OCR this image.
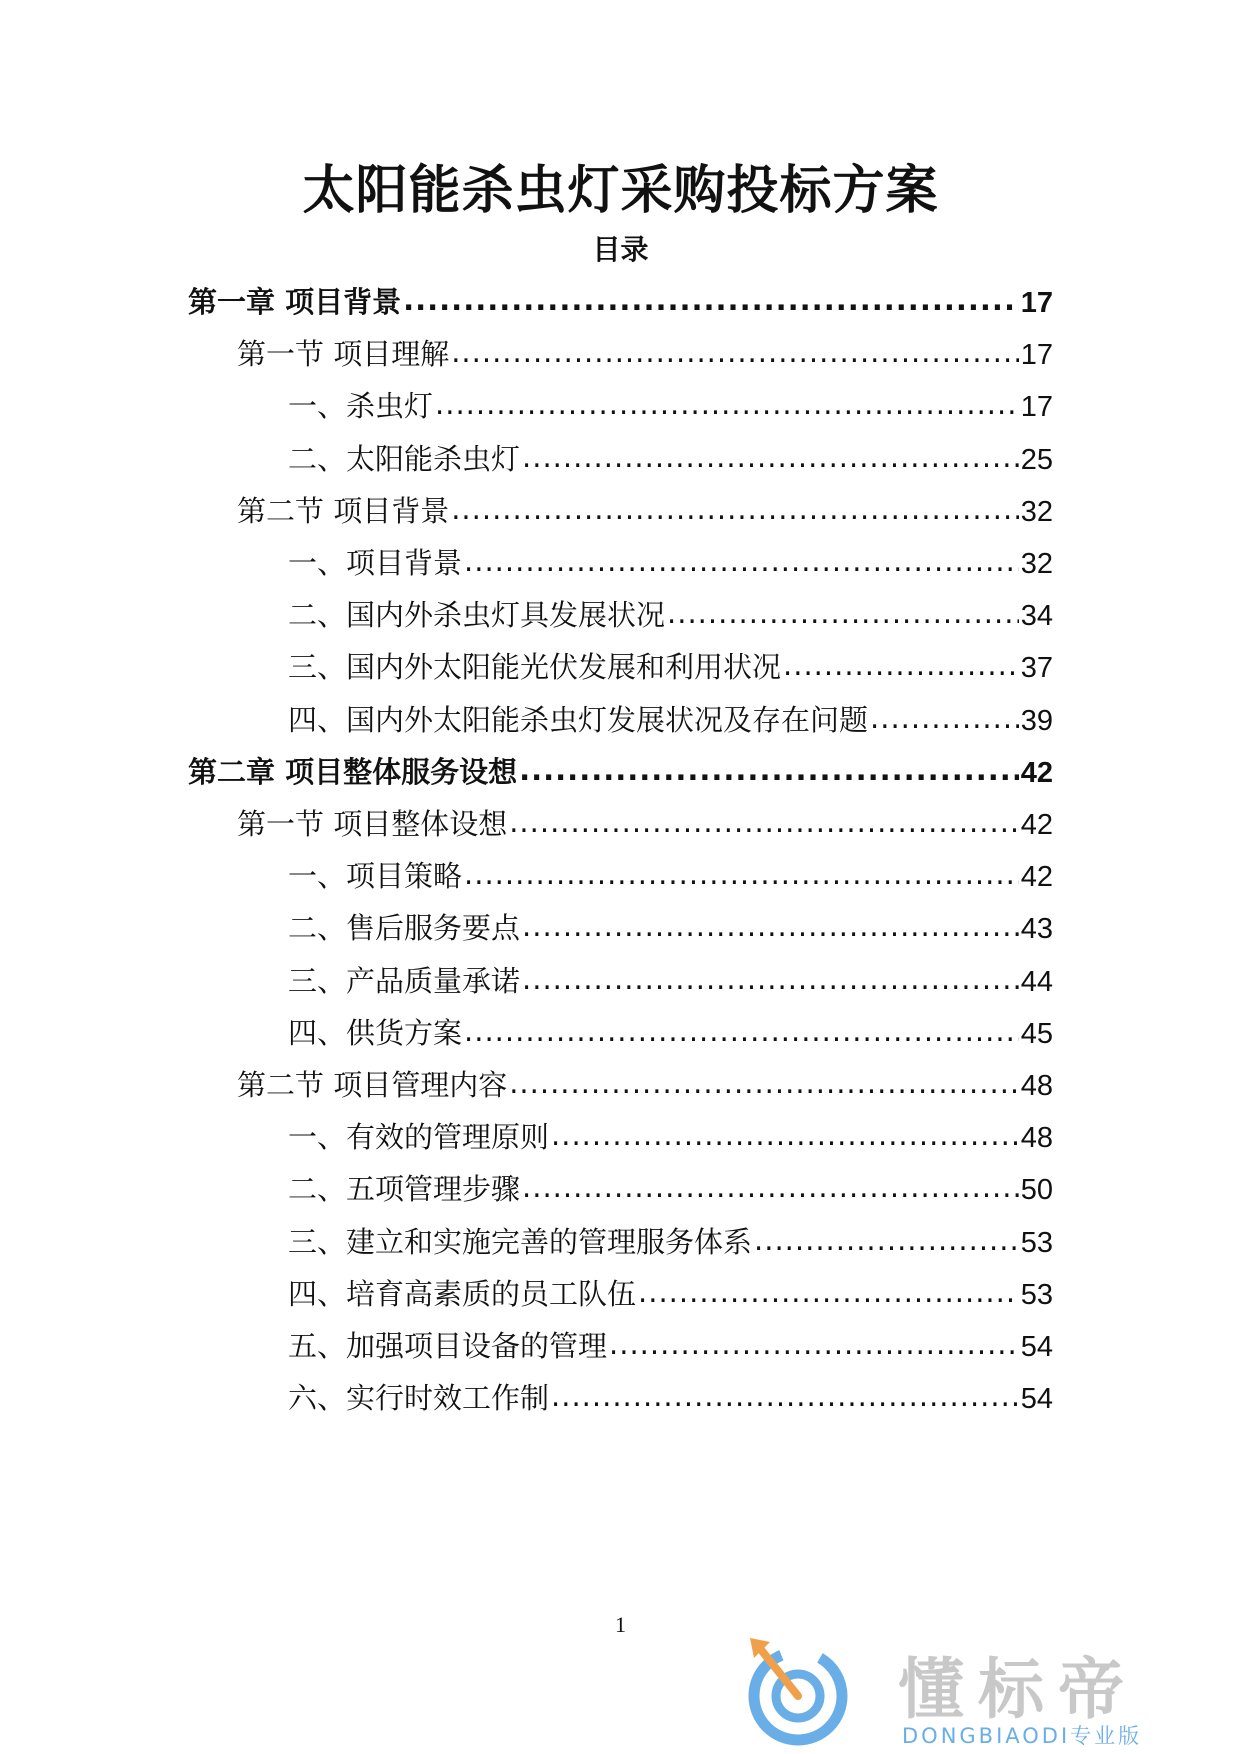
太阳能杀虫灯采购投标方案
目录
第一章 项目背景 .....	17
第一节 项目理解 .....	17
一、杀虫灯 .....	17
二、太阳能杀虫灯 .....	25
第二节 项目背景 .....	32
一、项目背景 .....	32
二、国内外杀虫灯具发展状况 .....	34
三、国内外太阳能光伏发展和利用状况 .....	37
四、国内外太阳能杀虫灯发展状况及存在问题 .....	39
第二章 项目整体服务设想 .....	42
第一节 项目整体设想 .....	42
一、项目策略 .....	42
二、售后服务要点 .....	43
三、产品质量承诺 .....	44
四、供货方案 .....	45
第二节 项目管理内容 .....	48
一、有效的管理原则 .....	48
二、五项管理步骤 .....	50
三、建立和实施完善的管理服务体系 .....	53
四、培育高素质的员工队伍 .....	53
五、加强项目设备的管理 .....	54
六、实行时效工作制 .....	54
1
懂标帝
DONGBIAODI专业版
